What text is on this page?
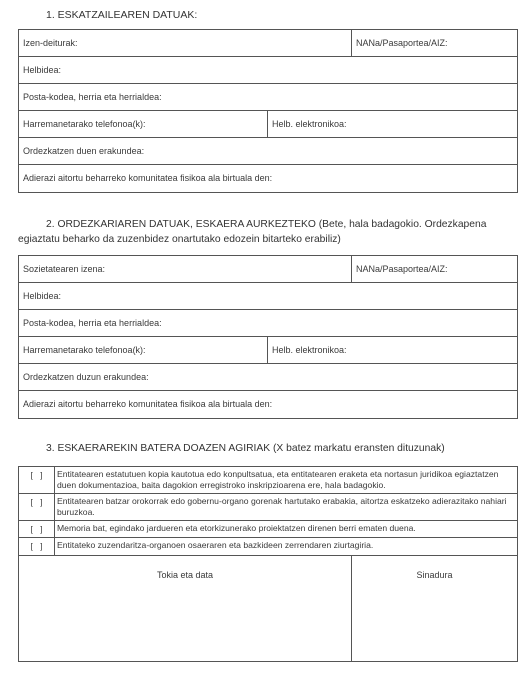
1. ESKATZAILEAREN DATUAK:
Izen-deiturak:	NANa/Pasaportea/AIZ:
Helbidea:
Posta-kodea, herria eta herrialdea:
Harremanetarako telefonoa(k):	Helb. elektronikoa:
Ordezkatzen duen erakundea:
Adierazi aitortu beharreko komunitatea fisikoa ala birtuala den:
2. ORDEZKARIAREN DATUAK, ESKAERA AURKEZTEKO (Bete, hala badagokio. Ordezkapena
egiaztatu beharko da zuzenbidez onartutako edozein bitarteko erabiliz)
Sozietatearen izena:	NANa/Pasaportea/AIZ:
Helbidea:
Posta-kodea, herria eta herrialdea:
Harremanetarako telefonoa(k):	Helb. elektronikoa:
Ordezkatzen duzun erakundea:
Adierazi aitortu beharreko komunitatea fisikoa ala birtuala den:
3. ESKAERAREKIN BATERA DOAZEN AGIRIAK (X batez markatu eransten dituzunak)
[   ]	Entitatearen estatutuen kopia kautotua edo konpultsatua, eta entitatearen eraketa eta nortasun juridikoa egiaztatzen duen dokumentazioa, baita dagokion erregistroko inskripzioarena ere, hala badagokio.
[   ]	Entitatearen batzar orokorrak edo gobernu-organo gorenak hartutako erabakia, aitortza eskatzeko adierazitako nahiari buruzkoa.
[   ]	Memoria bat, egindako jardueren eta etorkizunerako proiektatzen direnen berri ematen duena.
[   ]	Entitateko zuzendaritza-organoen osaeraren eta bazkideen zerrendaren ziurtagiria.
Tokia eta data	Sinadura
